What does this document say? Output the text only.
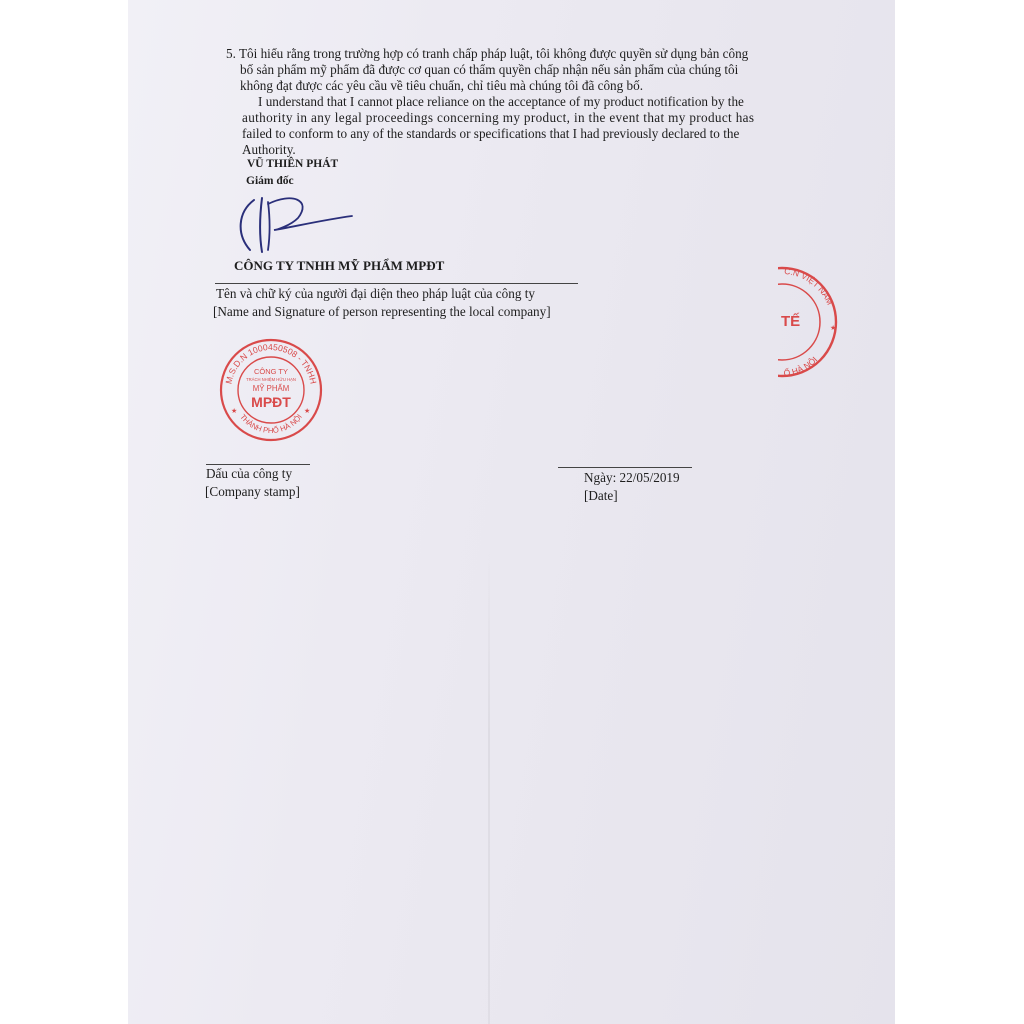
5. Tôi hiểu rằng trong trường hợp có tranh chấp pháp luật, tôi không được quyền sử dụng bản công
bố sản phẩm mỹ phẩm đã được cơ quan có thẩm quyền chấp nhận nếu sản phẩm của chúng tôi
không đạt được các yêu cầu về tiêu chuẩn, chỉ tiêu mà chúng tôi đã công bố.
I understand that I cannot place reliance on the acceptance of my product notification by the
authority in any legal proceedings concerning my product, in the event that my product has
failed to conform to any of the standards or specifications that I had previously declared to the
Authority.
VŨ THIÊN PHÁT
Giám đốc
CÔNG TY TNHH MỸ PHẨM MPĐT
Tên và chữ ký của người đại diện theo pháp luật của công ty
[Name and Signature of person representing the local company]
M.S.D.N 1000450508 - TNHH
THÀNH PHỐ HÀ NỘI
CÔNG TY
TRÁCH NHIỆM HỮU HẠN
MỸ PHẨM
MPĐT
★	★
C.N VIỆT NAM
Ố HÀ NỘI
TẾ	★
Dấu của công ty
[Company stamp]
Ngày: 22/05/2019
[Date]
